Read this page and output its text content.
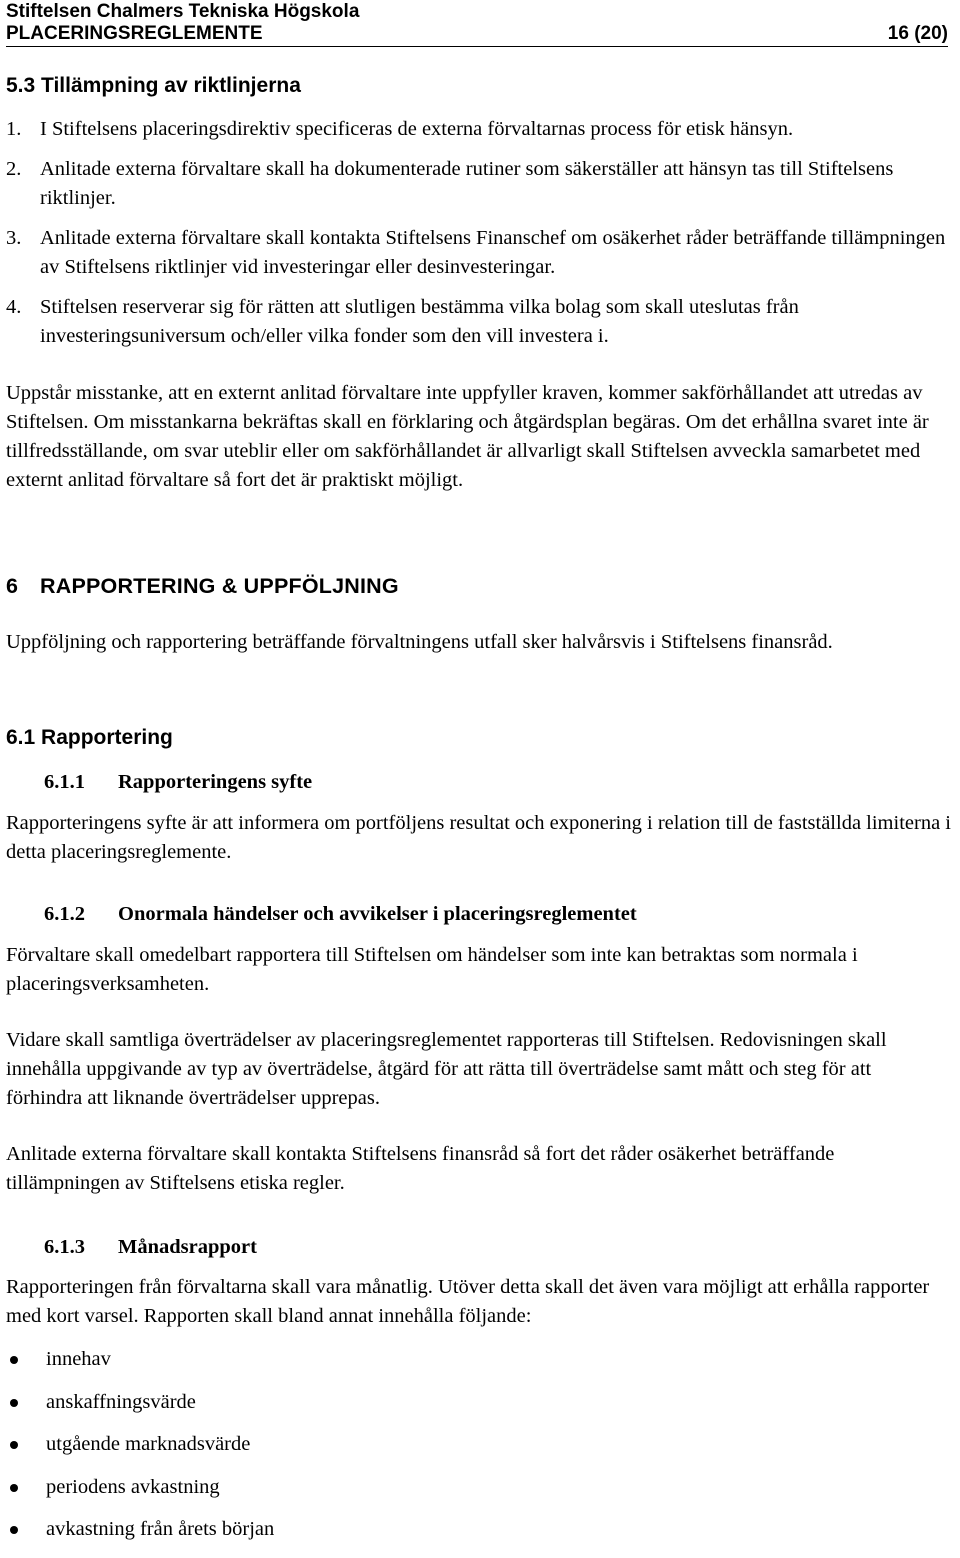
Stiftelsen Chalmers Tekniska Högskola
PLACERINGSREGLEMENTE	16 (20)
5.3 Tillämpning av riktlinjerna
1. I Stiftelsens placeringsdirektiv specificeras de externa förvaltarnas process för etisk hänsyn.
2. Anlitade externa förvaltare skall ha dokumenterade rutiner som säkerställer att hänsyn tas till Stiftelsens riktlinjer.
3. Anlitade externa förvaltare skall kontakta Stiftelsens Finanschef om osäkerhet råder beträffande tillämpningen av Stiftelsens riktlinjer vid investeringar eller desinvesteringar.
4. Stiftelsen reserverar sig för rätten att slutligen bestämma vilka bolag som skall uteslutas från investeringsuniversum och/eller vilka fonder som den vill investera i.

Uppstår misstanke, att en externt anlitad förvaltare inte uppfyller kraven, kommer sakförhållandet att utredas av Stiftelsen. Om misstankarna bekräftas skall en förklaring och åtgärdsplan begäras. Om det erhållna svaret inte är tillfredsställande, om svar uteblir eller om sakförhållandet är allvarligt skall Stiftelsen avveckla samarbetet med externt anlitad förvaltare så fort det är praktiskt möjligt.

6 RAPPORTERING & UPPFÖLJNING

Uppföljning och rapportering beträffande förvaltningens utfall sker halvårsvis i Stiftelsens finansråd.

6.1 Rapportering
6.1.1 Rapporteringens syfte

Rapporteringens syfte är att informera om portföljens resultat och exponering i relation till de fastställda limiterna i detta placeringsreglemente.

6.1.2 Onormala händelser och avvikelser i placeringsreglementet

Förvaltare skall omedelbart rapportera till Stiftelsen om händelser som inte kan betraktas som normala i placeringsverksamheten.

Vidare skall samtliga överträdelser av placeringsreglementet rapporteras till Stiftelsen. Redovisningen skall innehålla uppgivande av typ av överträdelse, åtgärd för att rätta till överträdelse samt mått och steg för att förhindra att liknande överträdelser upprepas.

Anlitade externa förvaltare skall kontakta Stiftelsens finansråd så fort det råder osäkerhet beträffande tillämpningen av Stiftelsens etiska regler.

6.1.3 Månadsrapport

Rapporteringen från förvaltarna skall vara månatlig. Utöver detta skall det även vara möjligt att erhålla rapporter med kort varsel. Rapporten skall bland annat innehålla följande:

innehav
anskaffningsvärde
utgående marknadsvärde
periodens avkastning
avkastning från årets början
